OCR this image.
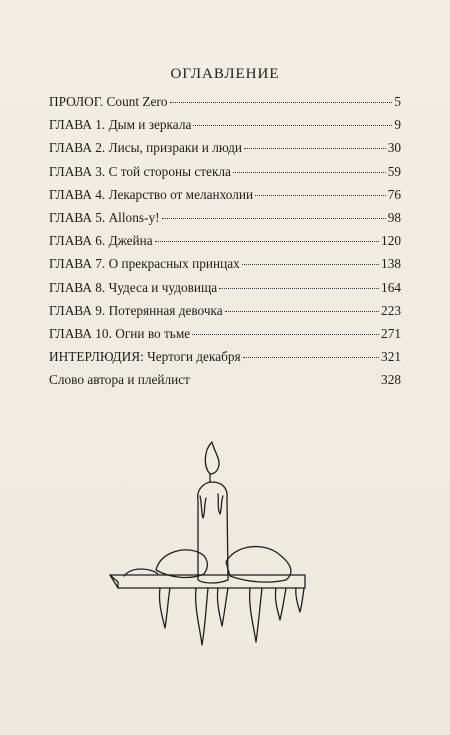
ОГЛАВЛЕНИЕ
ПРОЛОГ. Count Zero	5
ГЛАВА 1. Дым и зеркала	9
ГЛАВА 2. Лисы, призраки и люди	30
ГЛАВА 3. С той стороны стекла	59
ГЛАВА 4. Лекарство от меланхолии	76
ГЛАВА 5. Allons-y!	98
ГЛАВА 6. Джейна	120
ГЛАВА 7. О прекрасных принцах	138
ГЛАВА 8. Чудеса и чудовища	164
ГЛАВА 9. Потерянная девочка	223
ГЛАВА 10. Огни во тьме	271
ИНТЕРЛЮДИЯ: Чертоги декабря	321
Слово автора и плейлист	328
